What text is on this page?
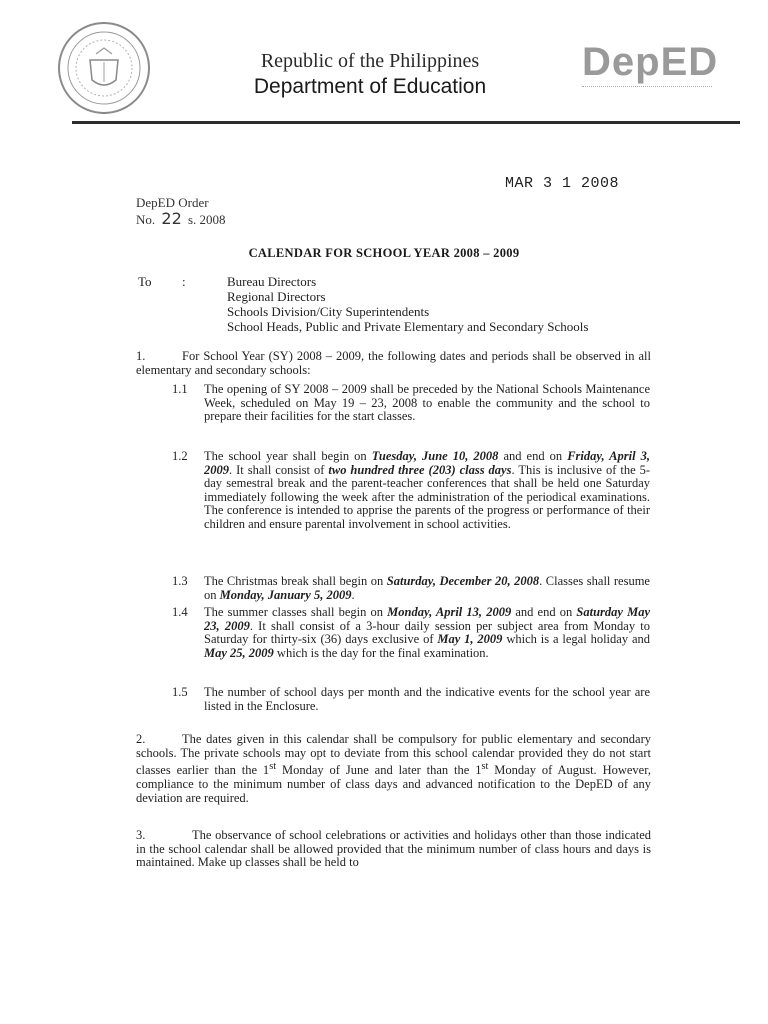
Republic of the Philippines
Department of Education
DepED
MAR 3 1 2008
DepED Order
No. 22 s. 2008
CALENDAR FOR SCHOOL YEAR 2008 – 2009
To :	Bureau Directors
Regional Directors
Schools Division/City Superintendents
School Heads, Public and Private Elementary and Secondary Schools

1.	For School Year (SY) 2008 – 2009, the following dates and periods shall be observed in all elementary and secondary schools:

1.1	The opening of SY 2008 – 2009 shall be preceded by the National Schools Maintenance Week, scheduled on May 19 – 23, 2008 to enable the community and the school to prepare their facilities for the start classes.
1.2	The school year shall begin on Tuesday, June 10, 2008 and end on Friday, April 3, 2009. It shall consist of two hundred three (203) class days. This is inclusive of the 5-day semestral break and the parent-teacher conferences that shall be held one Saturday immediately following the week after the administration of the periodical examinations. The conference is intended to apprise the parents of the progress or performance of their children and ensure parental involvement in school activities.
1.3	The Christmas break shall begin on Saturday, December 20, 2008. Classes shall resume on Monday, January 5, 2009.
1.4	The summer classes shall begin on Monday, April 13, 2009 and end on Saturday May 23, 2009. It shall consist of a 3-hour daily session per subject area from Monday to Saturday for thirty-six (36) days exclusive of May 1, 2009 which is a legal holiday and May 25, 2009 which is the day for the final examination.
1.5	The number of school days per month and the indicative events for the school year are listed in the Enclosure.

2.	The dates given in this calendar shall be compulsory for public elementary and secondary schools. The private schools may opt to deviate from this school calendar provided they do not start classes earlier than the 1st Monday of June and later than the 1st Monday of August. However, compliance to the minimum number of class days and advanced notification to the DepED of any deviation are required.

3.	The observance of school celebrations or activities and holidays other than those indicated in the school calendar shall be allowed provided that the minimum number of class hours and days is maintained. Make up classes shall be held to
